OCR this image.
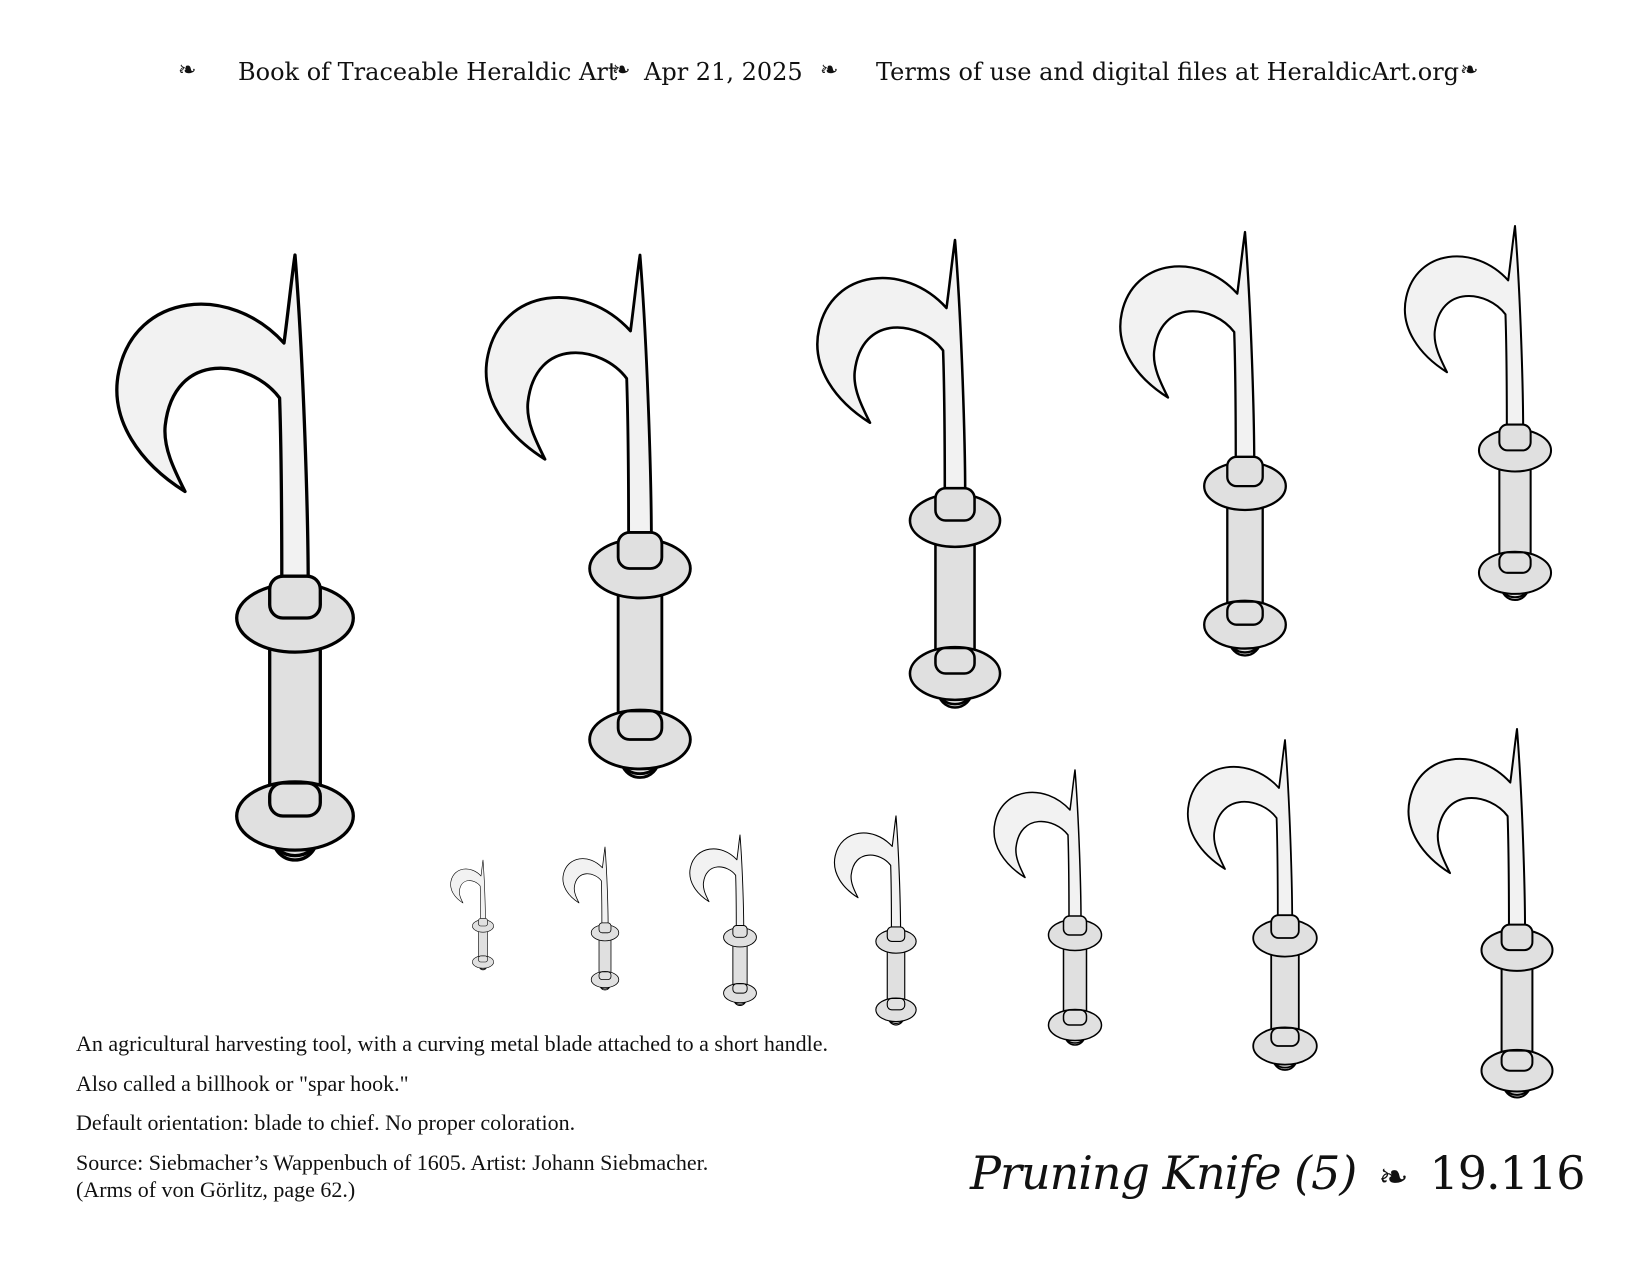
❧ Book of Traceable Heraldic Art
❧ Apr 21, 2025 ❧ Terms of use and digital files at HeraldicArt.org ❧
An agricultural harvesting tool, with a curving metal blade attached to a short handle.
Also called a billhook or "spar hook."
Default orientation: blade to chief. No proper coloration.
Source: Siebmacher’s Wappenbuch of 1605. Artist: Johann Siebmacher.
(Arms of von Görlitz, page 62.)	Pruning Knife (5) ❧ 19.116
